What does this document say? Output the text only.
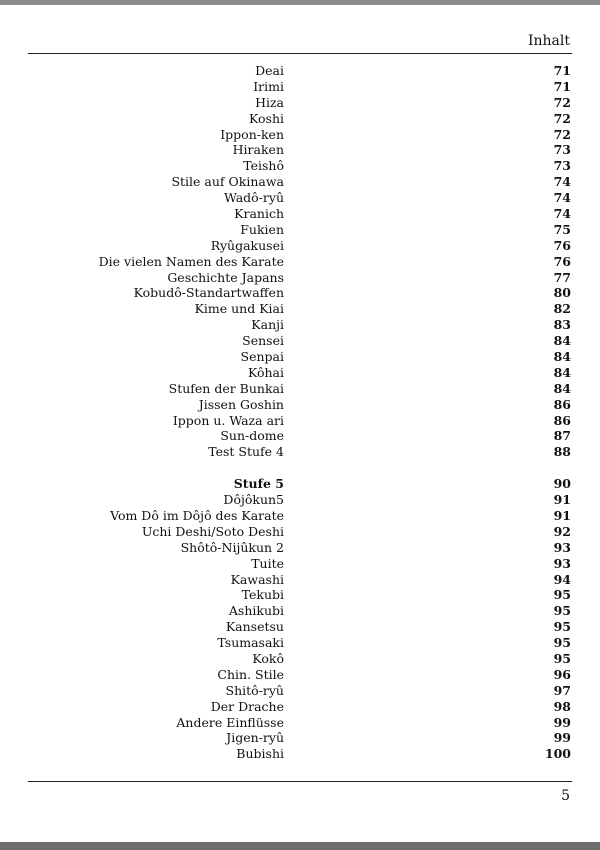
Inhalt
Deai	71
Irimi	71
Hiza	72
Koshi	72
Ippon-ken	72
Hiraken	73
Teishô	73
Stile auf Okinawa	74
Wadô-ryû	74
Kranich	74
Fukien	75
Ryûgakusei	76
Die vielen Namen des Karate	76
Geschichte Japans	77
Kobudô-Standartwaffen	80
Kime und Kiai	82
Kanji	83
Sensei	84
Senpai	84
Kôhai	84
Stufen der Bunkai	84
Jissen Goshin	86
Ippon u. Waza ari	86
Sun-dome	87
Test Stufe 4	88
Stufe 5	90
Dôjôkun5	91
Vom Dô im Dôjô des Karate	91
Uchi Deshi/Soto Deshi	92
Shôtô-Nijûkun 2	93
Tuite	93
Kawashi	94
Tekubi	95
Ashikubi	95
Kansetsu	95
Tsumasaki	95
Kokô	95
Chin. Stile	96
Shitô-ryû	97
Der Drache	98
Andere Einflüsse	99
Jigen-ryû	99
Bubishi	100
5
